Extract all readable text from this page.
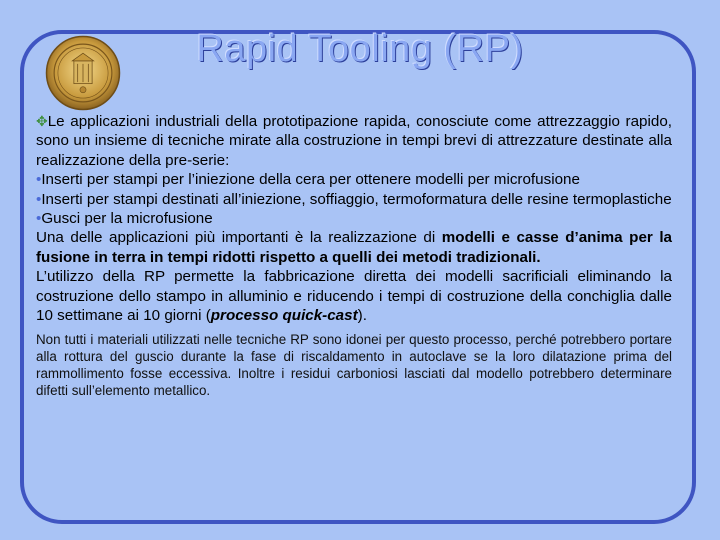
Rapid Tooling (RP)

✥Le applicazioni industriali della prototipazione rapida, conosciute come attrezzaggio rapido, sono un insieme di tecniche mirate alla costruzione in tempi brevi di attrezzature destinate alla realizzazione della pre-serie:

•Inserti per stampi per l’iniezione della cera per ottenere modelli per microfusione

•Inserti per stampi destinati all’iniezione, soffiaggio, termoformatura delle resine termoplastiche

•Gusci per la microfusione

Una delle applicazioni più importanti è la realizzazione di modelli e casse d’anima per la fusione in terra in tempi ridotti rispetto a quelli dei metodi tradizionali.

L’utilizzo della RP permette la fabbricazione diretta dei modelli sacrificiali eliminando la costruzione dello stampo in alluminio e riducendo i tempi di costruzione della conchiglia dalle 10 settimane ai 10 giorni (processo quick-cast).

Non tutti i materiali utilizzati nelle tecniche RP sono idonei per questo processo, perché potrebbero portare alla rottura del guscio durante la fase di riscaldamento in autoclave se la loro dilatazione prima del rammollimento fosse eccessiva. Inoltre i residui carboniosi lasciati dal modello potrebbero determinare difetti sull’elemento metallico.
